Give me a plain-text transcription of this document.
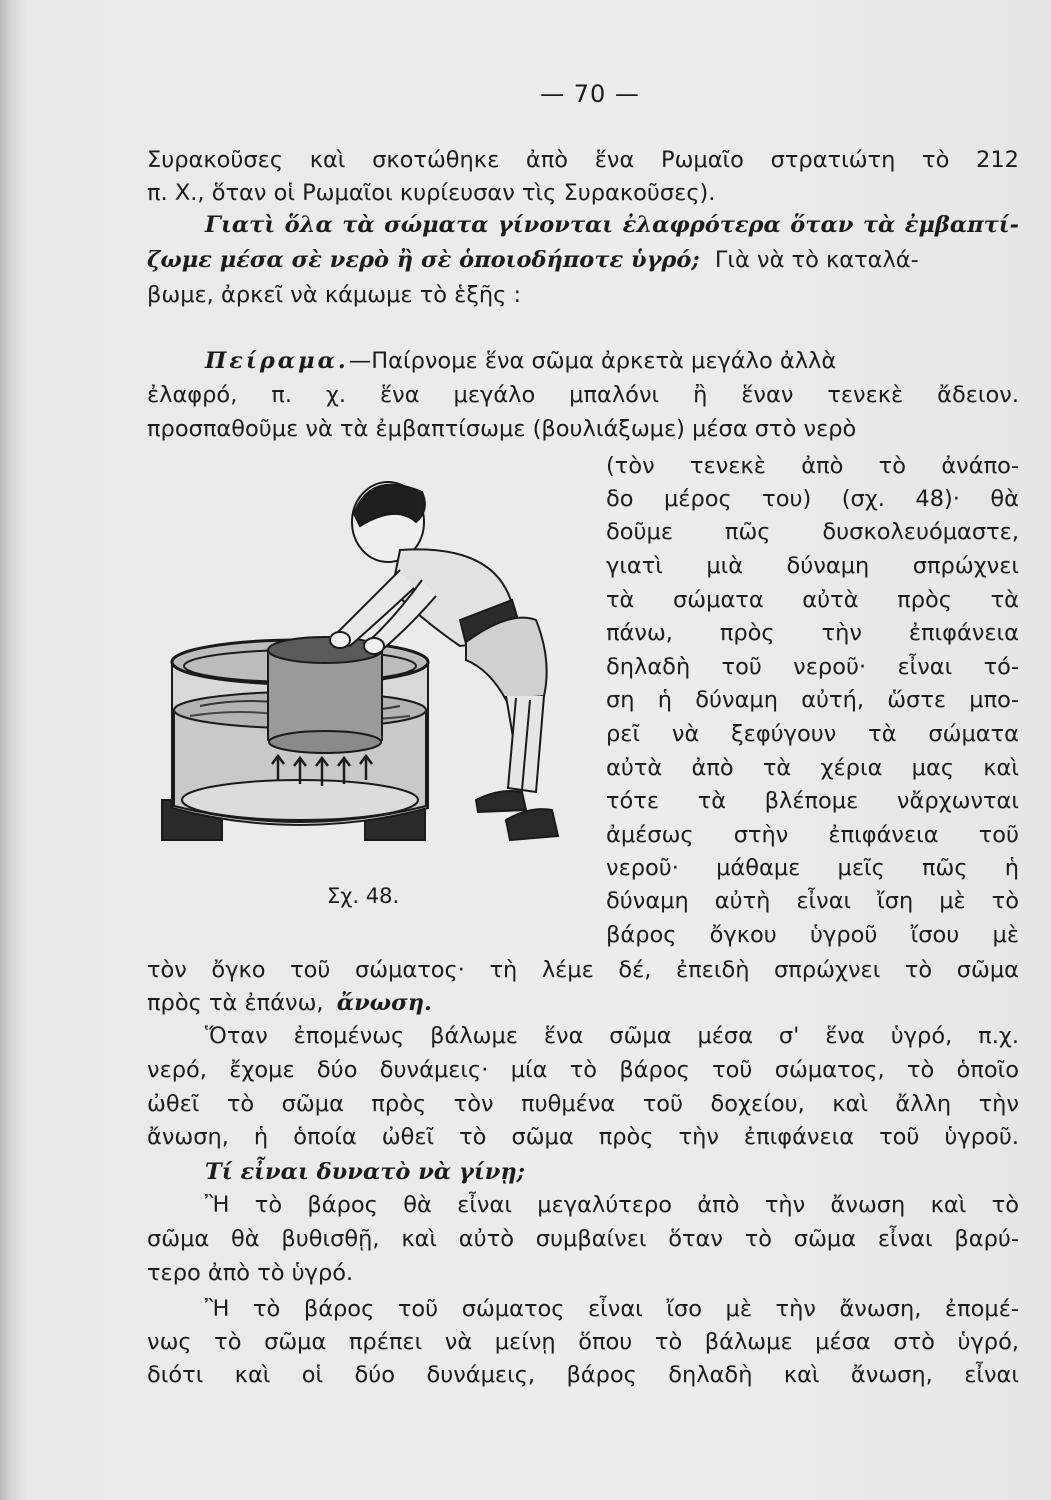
— 70 —
Συρακοῦσες καὶ σκοτώθηκε ἀπὸ ἕνα Ρωμαῖο στρατιώτη τὸ 212
π. Χ., ὅταν οἱ Ρωμαῖοι κυρίευσαν τὶς Συρακοῦσες).
Γιατὶ ὅλα τὰ σώματα γίνονται ἐλαφρότερα ὅταν τὰ ἐμβαπτί-
ζωμε μέσα σὲ νερὸ ἢ σὲ ὁποιοδήποτε ὑγρό; Γιὰ νὰ τὸ καταλά-
βωμε, ἀρκεῖ νὰ κάμωμε τὸ ἑξῆς :
Πείραμα.—Παίρνομε ἕνα σῶμα ἀρκετὰ μεγάλο ἀλλὰ
ἐλαφρό, π. χ. ἕνα μεγάλο μπαλόνι ἢ ἕναν τενεκὲ ἄδειον.
προσπαθοῦμε νὰ τὰ ἐμβαπτίσωμε (βουλιάξωμε) μέσα στὸ νερὸ
(τὸν τενεκὲ ἀπὸ τὸ ἀνάπο-
δο μέρος του) (σχ. 48)· θὰ
δοῦμε πῶς δυσκολευόμαστε,
γιατὶ μιὰ δύναμη σπρώχνει
τὰ σώματα αὐτὰ πρὸς τὰ
πάνω, πρὸς τὴν ἐπιφάνεια
δηλαδὴ τοῦ νεροῦ· εἶναι τό-
ση ἡ δύναμη αὐτή, ὥστε μπο-
ρεῖ νὰ ξεφύγουν τὰ σώματα
αὐτὰ ἀπὸ τὰ χέρια μας καὶ
τότε τὰ βλέπομε νἄρχωνται
ἀμέσως στὴν ἐπιφάνεια τοῦ
νεροῦ· μάθαμε μεῖς πῶς ἡ
δύναμη αὐτὴ εἶναι ἴση μὲ τὸ
βάρος ὄγκου ὑγροῦ ἴσου μὲ
Σχ. 48.
τὸν ὄγκο τοῦ σώματος· τὴ λέμε δέ, ἐπειδὴ σπρώχνει τὸ σῶμα
πρὸς τὰ ἐπάνω, ἄνωση.
Ὅταν ἐπομένως βάλωμε ἕνα σῶμα μέσα σ' ἕνα ὑγρό, π.χ.
νερό, ἔχομε δύο δυνάμεις· μία τὸ βάρος τοῦ σώματος, τὸ ὁποῖο
ὠθεῖ τὸ σῶμα πρὸς τὸν πυθμένα τοῦ δοχείου, καὶ ἄλλη τὴν
ἄνωση, ἡ ὁποία ὠθεῖ τὸ σῶμα πρὸς τὴν ἐπιφάνεια τοῦ ὑγροῦ.
Τί εἶναι δυνατὸ νὰ γίνῃ;
Ἢ τὸ βάρος θὰ εἶναι μεγαλύτερο ἀπὸ τὴν ἄνωση καὶ τὸ
σῶμα θὰ βυθισθῇ, καὶ αὐτὸ συμβαίνει ὅταν τὸ σῶμα εἶναι βαρύ-
τερο ἀπὸ τὸ ὑγρό.
Ἢ τὸ βάρος τοῦ σώματος εἶναι ἴσο μὲ τὴν ἄνωση, ἐπομέ-
νως τὸ σῶμα πρέπει νὰ μείνῃ ὅπου τὸ βάλωμε μέσα στὸ ὑγρό,
διότι καὶ οἱ δύο δυνάμεις, βάρος δηλαδὴ καὶ ἄνωση, εἶναι
